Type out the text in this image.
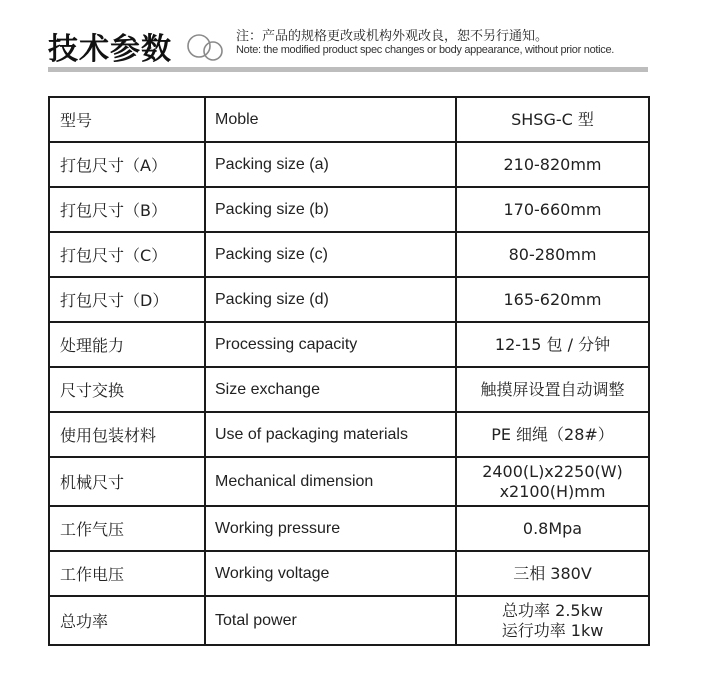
技术参数	注：产品的规格更改或机构外观改良，恕不另行通知。
Note: the modified product spec changes or body appearance, without prior notice.
型号	Moble	SHSG-C 型

打包尺寸（A）	Packing size (a)	210-820mm

打包尺寸（B）	Packing size (b)	170-660mm

打包尺寸（C）	Packing size (c)	80-280mm

打包尺寸（D）	Packing size (d)	165-620mm

处理能力	Processing capacity	12-15 包 / 分钟

尺寸交换	Size exchange	触摸屏设置自动调整

使用包装材料	Use of packaging materials	PE 细绳（28#）

机械尺寸	Mechanical dimension	2400(L)x2250(W)
x2100(H)mm

工作气压	Working pressure	0.8Mpa

工作电压	Working voltage	三相 380V

总功率	Total power	总功率 2.5kw
运行功率 1kw
